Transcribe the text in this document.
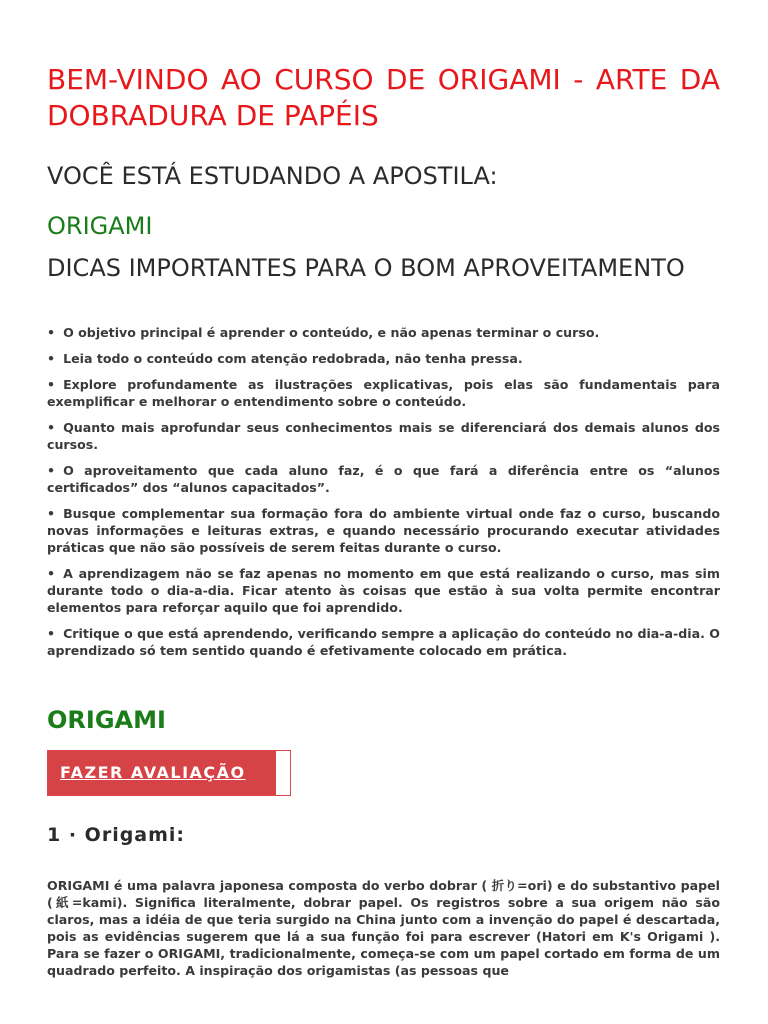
BEM-VINDO AO CURSO DE ORIGAMI - ARTE DA DOBRADURA DE PAPÉIS
VOCÊ ESTÁ ESTUDANDO A APOSTILA:
ORIGAMI
DICAS IMPORTANTES PARA O BOM APROVEITAMENTO
• O objetivo principal é aprender o conteúdo, e não apenas terminar o curso.
• Leia todo o conteúdo com atenção redobrada, não tenha pressa.
• Explore profundamente as ilustrações explicativas, pois elas são fundamentais para exemplificar e melhorar o entendimento sobre o conteúdo.
• Quanto mais aprofundar seus conhecimentos mais se diferenciará dos demais alunos dos cursos.
• O aproveitamento que cada aluno faz, é o que fará a diferência entre os “alunos certificados” dos “alunos capacitados”.
• Busque complementar sua formação fora do ambiente virtual onde faz o curso, buscando novas informações e leituras extras, e quando necessário procurando executar atividades práticas que não são possíveis de serem feitas durante o curso.
• A aprendizagem não se faz apenas no momento em que está realizando o curso, mas sim durante todo o dia-a-dia. Ficar atento às coisas que estão à sua volta permite encontrar elementos para reforçar aquilo que foi aprendido.
• Critique o que está aprendendo, verificando sempre a aplicação do conteúdo no dia-a-dia. O aprendizado só tem sentido quando é efetivamente colocado em prática.
ORIGAMI
FAZER AVALIAÇÃO
1 · Origami:

ORIGAMI é uma palavra japonesa composta do verbo dobrar ( 折り=ori) e do substantivo papel (紙=kami). Significa literalmente, dobrar papel. Os registros sobre a sua origem não são claros, mas a idéia de que teria surgido na China junto com a invenção do papel é descartada, pois as evidências sugerem que lá a sua função foi para escrever (Hatori em K's Origami ). Para se fazer o ORIGAMI, tradicionalmente, começa-se com um papel cortado em forma de um quadrado perfeito. A inspiração dos origamistas (as pessoas que
